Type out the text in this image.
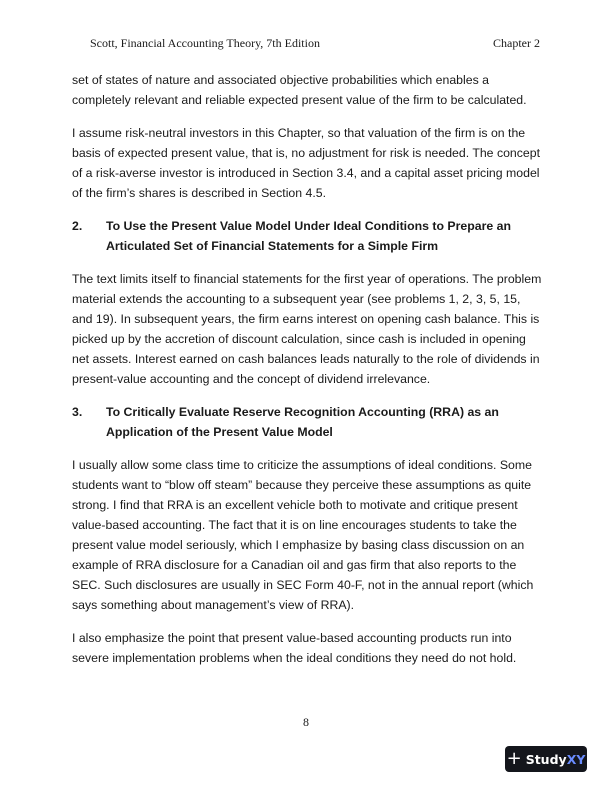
Scott, Financial Accounting Theory, 7th Edition	Chapter 2

set of states of nature and associated objective probabilities which enables a completely relevant and reliable expected present value of the firm to be calculated.

I assume risk-neutral investors in this Chapter, so that valuation of the firm is on the basis of expected present value, that is, no adjustment for risk is needed. The concept of a risk-averse investor is introduced in Section 3.4, and a capital asset pricing model of the firm’s shares is described in Section 4.5.

2.	To Use the Present Value Model Under Ideal Conditions to Prepare an Articulated Set of Financial Statements for a Simple Firm

The text limits itself to financial statements for the first year of operations. The problem material extends the accounting to a subsequent year (see problems 1, 2, 3, 5, 15, and 19). In subsequent years, the firm earns interest on opening cash balance. This is picked up by the accretion of discount calculation, since cash is included in opening net assets. Interest earned on cash balances leads naturally to the role of dividends in present-value accounting and the concept of dividend irrelevance.

3.	To Critically Evaluate Reserve Recognition Accounting (RRA) as an Application of the Present Value Model

I usually allow some class time to criticize the assumptions of ideal conditions. Some students want to “blow off steam” because they perceive these assumptions as quite strong. I find that RRA is an excellent vehicle both to motivate and critique present value-based accounting. The fact that it is on line encourages students to take the present value model seriously, which I emphasize by basing class discussion on an example of RRA disclosure for a Canadian oil and gas firm that also reports to the SEC. Such disclosures are usually in SEC Form 40-F, not in the annual report (which says something about management’s view of RRA).

I also emphasize the point that present value-based accounting products run into severe implementation problems when the ideal conditions they need do not hold.

8
+ Study XY
